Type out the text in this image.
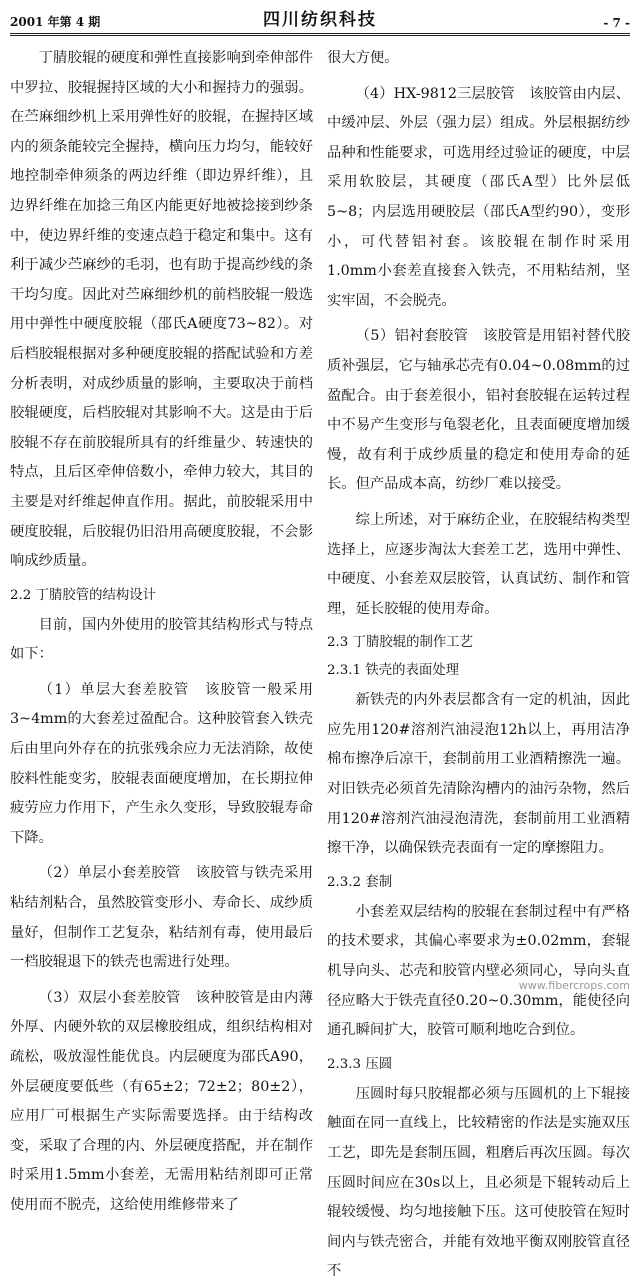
2001 年第 4 期	四川纺织科技	- 7 -

丁腈胶辊的硬度和弹性直接影响到牵伸部件中罗拉、胶辊握持区域的大小和握持力的强弱。在苎麻细纱机上采用弹性好的胶辊，在握持区域内的须条能较完全握持，横向压力均匀，能较好地控制牵伸须条的两边纤维（即边界纤维），且边界纤维在加捻三角区内能更好地被捻接到纱条中，使边界纤维的变速点趋于稳定和集中。这有利于减少苎麻纱的毛羽，也有助于提高纱线的条干均匀度。因此对苎麻细纱机的前档胶辊一般选用中弹性中硬度胶辊（邵氏A硬度73~82）。对后档胶辊根据对多种硬度胶辊的搭配试验和方差分析表明，对成纱质量的影响，主要取决于前档胶辊硬度，后档胶辊对其影响不大。这是由于后胶辊不存在前胶辊所具有的纤维量少、转速快的特点，且后区牵伸倍数小，牵伸力较大，其目的主要是对纤维起伸直作用。据此，前胶辊采用中硬度胶辊，后胶辊仍旧沿用高硬度胶辊，不会影响成纱质量。

2.2 丁腈胶管的结构设计

目前，国内外使用的胶管其结构形式与特点如下：

（1）单层大套差胶管　该胶管一般采用3~4mm的大套差过盈配合。这种胶管套入铁壳后由里向外存在的抗张残余应力无法消除，故使胶料性能变劣，胶辊表面硬度增加，在长期拉伸疲劳应力作用下，产生永久变形，导致胶辊寿命下降。

（2）单层小套差胶管　该胶管与铁壳采用粘结剂粘合，虽然胶管变形小、寿命长、成纱质量好，但制作工艺复杂，粘结剂有毒，使用最后一档胶辊退下的铁壳也需进行处理。

（3）双层小套差胶管　该种胶管是由内薄外厚、内硬外软的双层橡胶组成，组织结构相对疏松，吸放湿性能优良。内层硬度为邵氏A90，外层硬度要低些（有65±2；72±2；80±2），应用厂可根据生产实际需要选择。由于结构改变，采取了合理的内、外层硬度搭配，并在制作时采用1.5mm小套差，无需用粘结剂即可正常使用而不脱壳，这给使用维修带来了

很大方便。

（4）HX-9812三层胶管　该胶管由内层、中缓冲层、外层（强力层）组成。外层根据纺纱品种和性能要求，可选用经过验证的硬度，中层采用软胶层，其硬度（邵氏A型）比外层低5~8；内层选用硬胶层（邵氏A型约90），变形小，可代替铝衬套。该胶辊在制作时采用1.0mm小套差直接套入铁壳，不用粘结剂，坚实牢固，不会脱壳。

（5）铝衬套胶管　该胶管是用铝衬替代胶质补强层，它与轴承芯壳有0.04~0.08mm的过盈配合。由于套差很小，铝衬套胶辊在运转过程中不易产生变形与龟裂老化，且表面硬度增加缓慢，故有利于成纱质量的稳定和使用寿命的延长。但产品成本高，纺纱厂难以接受。

综上所述，对于麻纺企业，在胶辊结构类型选择上，应逐步淘汰大套差工艺，选用中弹性、中硬度、小套差双层胶管，认真试纺、制作和管理，延长胶辊的使用寿命。

2.3 丁腈胶辊的制作工艺
2.3.1 铁壳的表面处理

新铁壳的内外表层都含有一定的机油，因此应先用120#溶剂汽油浸泡12h以上，再用洁净棉布擦净后凉干，套制前用工业酒精擦洗一遍。对旧铁壳必须首先清除沟槽内的油污杂物，然后用120#溶剂汽油浸泡清洗，套制前用工业酒精擦干净，以确保铁壳表面有一定的摩擦阻力。

2.3.2 套制

小套差双层结构的胶辊在套制过程中有严格的技术要求，其偏心率要求为±0.02mm，套辊机导向头、芯壳和胶管内壁必须同心，导向头直径应略大于铁壳直径0.20~0.30mm，能使径向通孔瞬间扩大，胶管可顺利地吃合到位。

2.3.3 压圆

压圆时每只胶辊都必须与压圆机的上下辊接触面在同一直线上，比较精密的作法是实施双压工艺，即先是套制压圆，粗磨后再次压圆。每次压圆时间应在30s以上，且必须是下辊转动后上辊较缓慢、均匀地接触下压。这可使胶管在短时间内与铁壳密合，并能有效地平衡双刚胶管直径不

www.fibercrops.com
